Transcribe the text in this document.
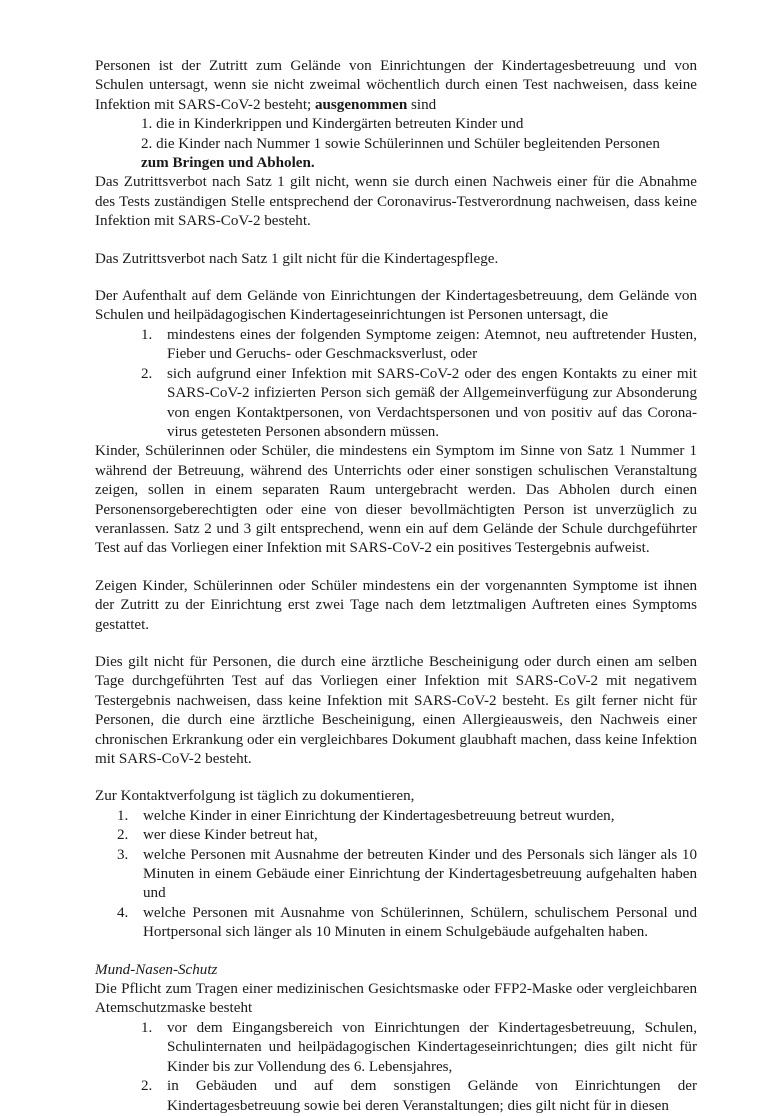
Personen ist der Zutritt zum Gelände von Einrichtungen der Kindertagesbetreuung und von Schulen untersagt, wenn sie nicht zweimal wöchentlich durch einen Test nachweisen, dass keine Infektion mit SARS-CoV-2 besteht; ausgenommen sind

1. die in Kinderkrippen und Kindergärten betreuten Kinder und
2. die Kinder nach Nummer 1 sowie Schülerinnen und Schüler begleitenden Personen
zum Bringen und Abholen.

Das Zutrittsverbot nach Satz 1 gilt nicht, wenn sie durch einen Nachweis einer für die Abnahme des Tests zuständigen Stelle entsprechend der Coronavirus-Testverordnung nachweisen, dass keine Infektion mit SARS-CoV-2 besteht.

Das Zutrittsverbot nach Satz 1 gilt nicht für die Kindertagespflege.

Der Aufenthalt auf dem Gelände von Einrichtungen der Kindertagesbetreuung, dem Gelände von Schulen und heilpädagogischen Kindertageseinrichtungen ist Personen untersagt, die

1. mindestens eines der folgenden Symptome zeigen: Atemnot, neu auftretender Husten, Fieber und Geruchs- oder Geschmacksverlust, oder
2. sich aufgrund einer Infektion mit SARS-CoV-2 oder des engen Kontakts zu einer mit SARS-CoV-2 infizierten Person sich gemäß der Allgemeinverfügung zur Absonderung von engen Kontaktpersonen, von Verdachtspersonen und von positiv auf das Corona-virus getesteten Personen absondern müssen.

Kinder, Schülerinnen oder Schüler, die mindestens ein Symptom im Sinne von Satz 1 Nummer 1 während der Betreuung, während des Unterrichts oder einer sonstigen schulischen Veranstaltung zeigen, sollen in einem separaten Raum untergebracht werden. Das Abholen durch einen Personensorgeberechtigten oder eine von dieser bevollmächtigten Person ist unverzüglich zu veranlassen. Satz 2 und 3 gilt entsprechend, wenn ein auf dem Gelände der Schule durchgeführter Test auf das Vorliegen einer Infektion mit SARS-CoV-2 ein positives Testergebnis aufweist.

Zeigen Kinder, Schülerinnen oder Schüler mindestens ein der vorgenannten Symptome ist ihnen der Zutritt zu der Einrichtung erst zwei Tage nach dem letztmaligen Auftreten eines Symptoms gestattet.

Dies gilt nicht für Personen, die durch eine ärztliche Bescheinigung oder durch einen am selben Tage durchgeführten Test auf das Vorliegen einer Infektion mit SARS-CoV-2 mit negativem Testergebnis nachweisen, dass keine Infektion mit SARS-CoV-2 besteht. Es gilt ferner nicht für Personen, die durch eine ärztliche Bescheinigung, einen Allergieausweis, den Nachweis einer chronischen Erkrankung oder ein vergleichbares Dokument glaubhaft machen, dass keine Infektion mit SARS-CoV-2 besteht.

Zur Kontaktverfolgung ist täglich zu dokumentieren,

1. welche Kinder in einer Einrichtung der Kindertagesbetreuung betreut wurden,
2. wer diese Kinder betreut hat,
3. welche Personen mit Ausnahme der betreuten Kinder und des Personals sich länger als 10 Minuten in einem Gebäude einer Einrichtung der Kindertagesbetreuung aufgehalten haben und
4. welche Personen mit Ausnahme von Schülerinnen, Schülern, schulischem Personal und Hortpersonal sich länger als 10 Minuten in einem Schulgebäude aufgehalten haben.

Mund-Nasen-Schutz

Die Pflicht zum Tragen einer medizinischen Gesichtsmaske oder FFP2-Maske oder vergleichbaren Atemschutzmaske besteht

1. vor dem Eingangsbereich von Einrichtungen der Kindertagesbetreuung, Schulen, Schulinternaten und heilpädagogischen Kindertageseinrichtungen; dies gilt nicht für Kinder bis zur Vollendung des 6. Lebensjahres,
2. in Gebäuden und auf dem sonstigen Gelände von Einrichtungen der Kindertagesbetreuung sowie bei deren Veranstaltungen; dies gilt nicht für in diesen
